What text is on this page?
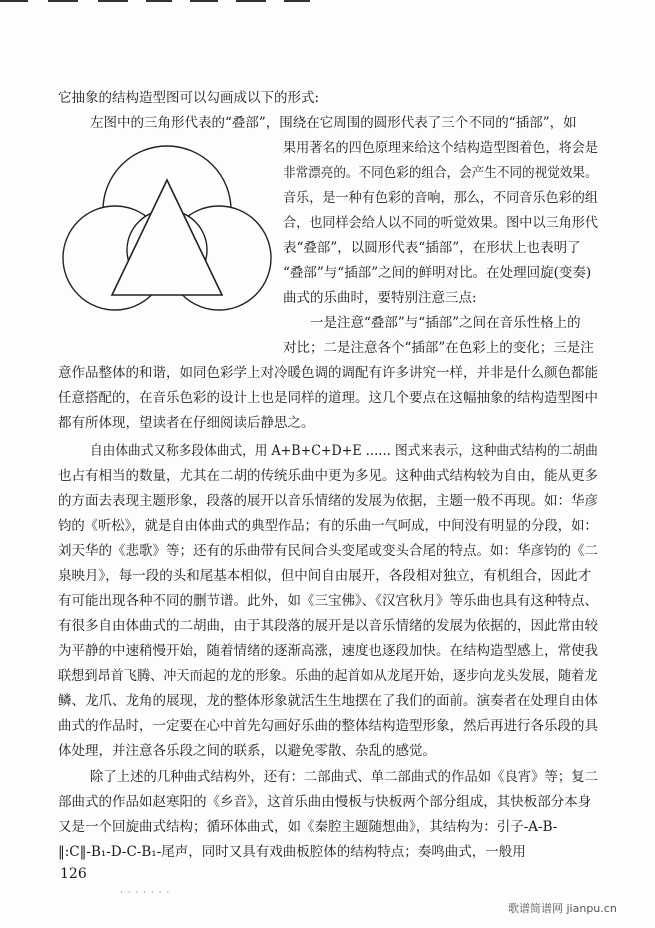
它抽象的结构造型图可以勾画成以下的形式:
左图中的三角形代表的“叠部”，围绕在它周围的圆形代表了三个不同的“插部”，如
果用著名的四色原理来给这个结构造型图着色，将会是
非常漂亮的。不同色彩的组合，会产生不同的视觉效果。
音乐，是一种有色彩的音响，那么，不同音乐色彩的组
合，也同样会给人以不同的听觉效果。图中以三角形代
表“叠部”，以圆形代表“插部”，在形状上也表明了
“叠部”与“插部”之间的鲜明对比。在处理回旋(变奏)
曲式的乐曲时，要特别注意三点:
一是注意“叠部”与“插部”之间在音乐性格上的
对比；二是注意各个“插部”在色彩上的变化；三是注
意作品整体的和谐，如同色彩学上对冷暖色调的调配有许多讲究一样，并非是什么颜色都能
任意搭配的，在音乐色彩的设计上也是同样的道理。这几个要点在这幅抽象的结构造型图中
都有所体现，望读者在仔细阅读后静思之。
自由体曲式又称多段体曲式，用 A+B+C+D+E …… 图式来表示，这种曲式结构的二胡曲
也占有相当的数量，尤其在二胡的传统乐曲中更为多见。这种曲式结构较为自由，能从更多
的方面去表现主题形象，段落的展开以音乐情绪的发展为依据，主题一般不再现。如：华彦
钧的《听松》，就是自由体曲式的典型作品；有的乐曲一气呵成，中间没有明显的分段，如：
刘天华的《悲歌》等；还有的乐曲带有民间合头变尾或变头合尾的特点。如：华彦钧的《二
泉映月》，每一段的头和尾基本相似，但中间自由展开，各段相对独立，有机组合，因此才
有可能出现各种不同的删节谱。此外，如《三宝佛》、《汉宫秋月》等乐曲也具有这种特点、
有很多自由体曲式的二胡曲，由于其段落的展开是以音乐情绪的发展为依据的，因此常由较
为平静的中速稍慢开始，随着情绪的逐渐高涨，速度也逐段加快。在结构造型感上，常使我
联想到昂首飞腾、冲天而起的龙的形象。乐曲的起首如从龙尾开始，逐步向龙头发展，随着龙
鳞、龙爪、龙角的展现，龙的整体形象就活生生地摆在了我们的面前。演奏者在处理自由体
曲式的作品时，一定要在心中首先勾画好乐曲的整体结构造型形象，然后再进行各乐段的具
体处理，并注意各乐段之间的联系，以避免零散、杂乱的感觉。
除了上述的几种曲式结构外，还有：二部曲式、单二部曲式的作品如《良宵》等；复二
部曲式的作品如赵寒阳的《乡音》，这首乐曲由慢板与快板两个部分组成，其快板部分本身
又是一个回旋曲式结构；循环体曲式，如《秦腔主题随想曲》，其结构为：引子-A-B-
‖:C‖-B₁-D-C-B₁-尾声，同时又具有戏曲板腔体的结构特点；奏鸣曲式，一般用
126
· · · · · · ·
歌谱简谱网 jianpu.cn
